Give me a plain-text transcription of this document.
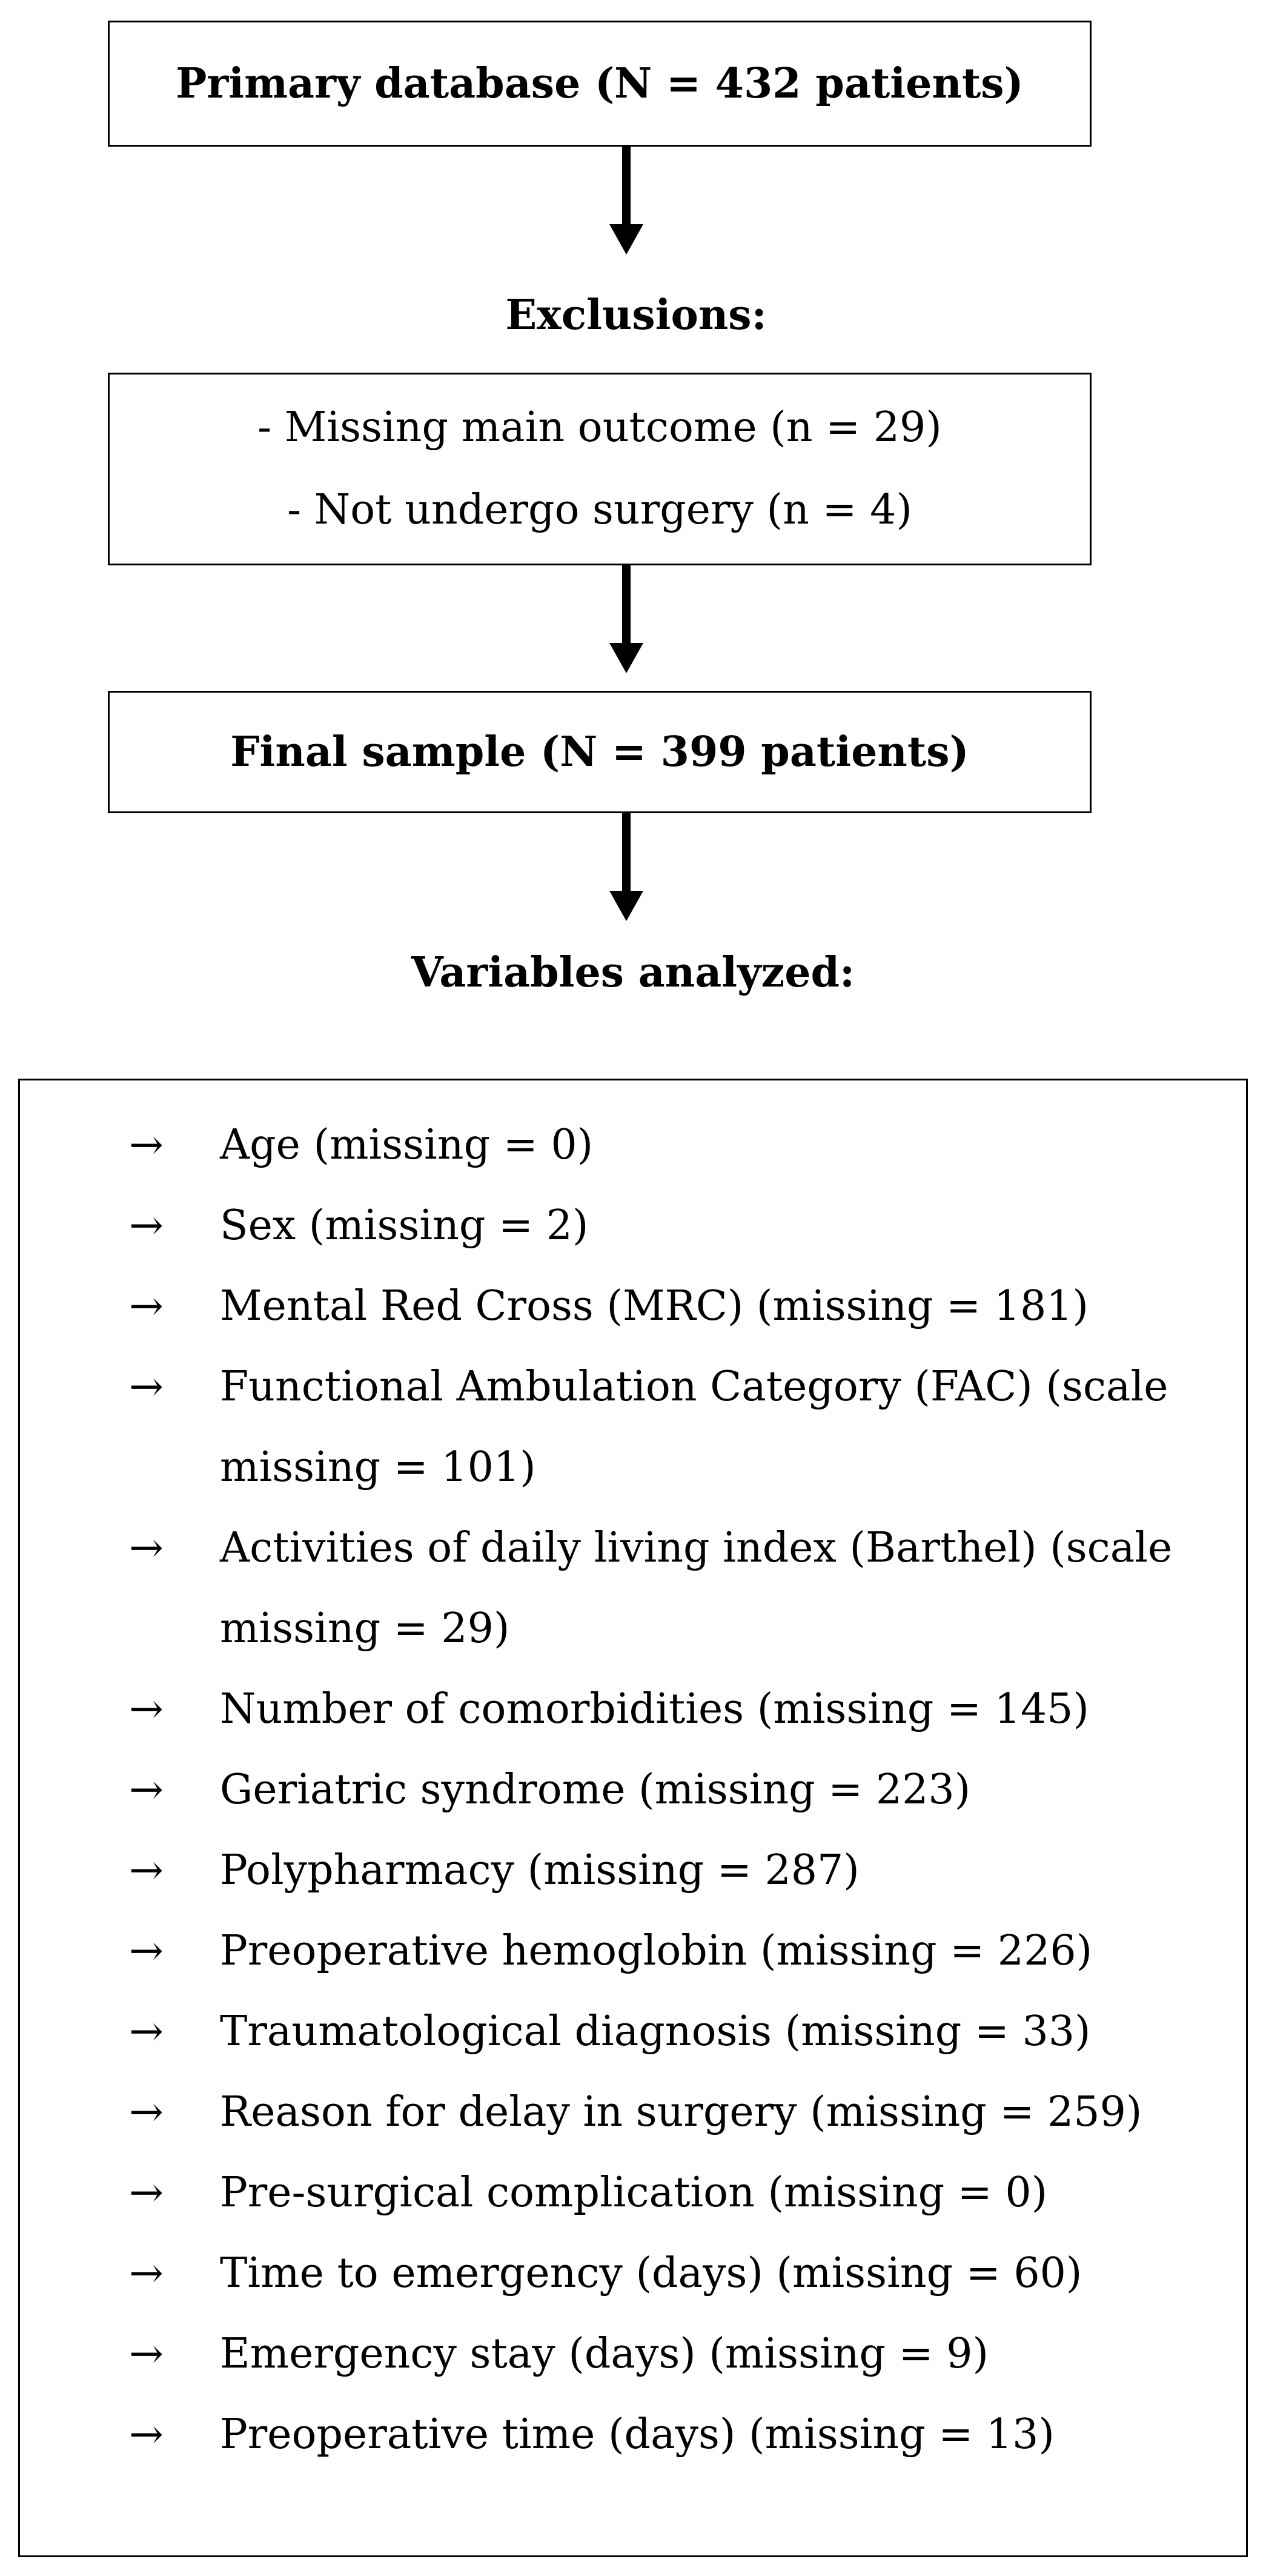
Primary database (N = 432 patients)
Exclusions:
- Missing main outcome (n = 29)
- Not undergo surgery (n = 4)
Final sample (N = 399 patients)
Variables analyzed:
→ Age (missing = 0)
→ Sex (missing = 2)
→ Mental Red Cross (MRC) (missing = 181)
→ Functional Ambulation Category (FAC) (scale missing = 101)
→ Activities of daily living index (Barthel) (scale missing = 29)
→ Number of comorbidities (missing = 145)
→ Geriatric syndrome (missing = 223)
→ Polypharmacy (missing = 287)
→ Preoperative hemoglobin (missing = 226)
→ Traumatological diagnosis (missing = 33)
→ Reason for delay in surgery (missing = 259)
→ Pre-surgical complication (missing = 0)
→ Time to emergency (days) (missing = 60)
→ Emergency stay (days) (missing = 9)
→ Preoperative time (days) (missing = 13)
